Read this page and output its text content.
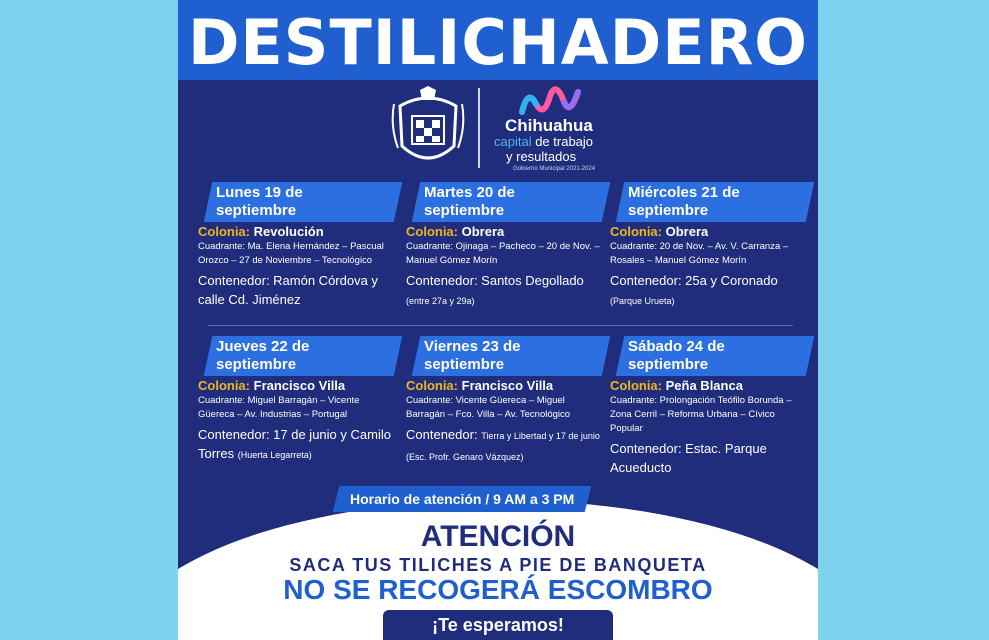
DESTILICHADERO
Chihuahua
capital de trabajo
y resultados
Gobierno Municipal 2021-2024
Lunes 19 de septiembre
Colonia: Revolución
Cuadrante: Ma. Elena Hernández – Pascual Orozco – 27 de Noviembre – Tecnológico
Contenedor: Ramón Córdova y calle Cd. Jiménez
Martes 20 de septiembre
Colonia: Obrera
Cuadrante: Ojinaga – Pacheco – 20 de Nov. – Manuel Gómez Morín
Contenedor: Santos Degollado
(entre 27a y 29a)
Miércoles 21 de septiembre
Colonia: Obrera
Cuadrante: 20 de Nov. – Av. V. Carranza – Rosales – Manuel Gómez Morín
Contenedor: 25a y Coronado (Parque Urueta)
Jueves 22 de septiembre
Colonia: Francisco Villa
Cuadrante: Miguel Barragán – Vicente Güereca – Av. Industrias – Portugal
Contenedor: 17 de junio y Camilo Torres (Huerta Legarreta)
Viernes 23 de septiembre
Colonia: Francisco Villa
Cuadrante: Vicente Güereca – Miguel Barragán – Fco. Villa – Av. Tecnológico
Contenedor: Tierra y Libertad y 17 de junio (Esc. Profr. Genaro Vázquez)
Sábado 24 de septiembre
Colonia: Peña Blanca
Cuadrante: Prolongación Teófilo Borunda – Zona Cerril – Reforma Urbana – Cívico Popular
Contenedor: Estac. Parque Acueducto
Horario de atención / 9 AM a 3 PM
ATENCIÓN
SACA TUS TILICHES A PIE DE BANQUETA
NO SE RECOGERÁ ESCOMBRO
¡Te esperamos!
